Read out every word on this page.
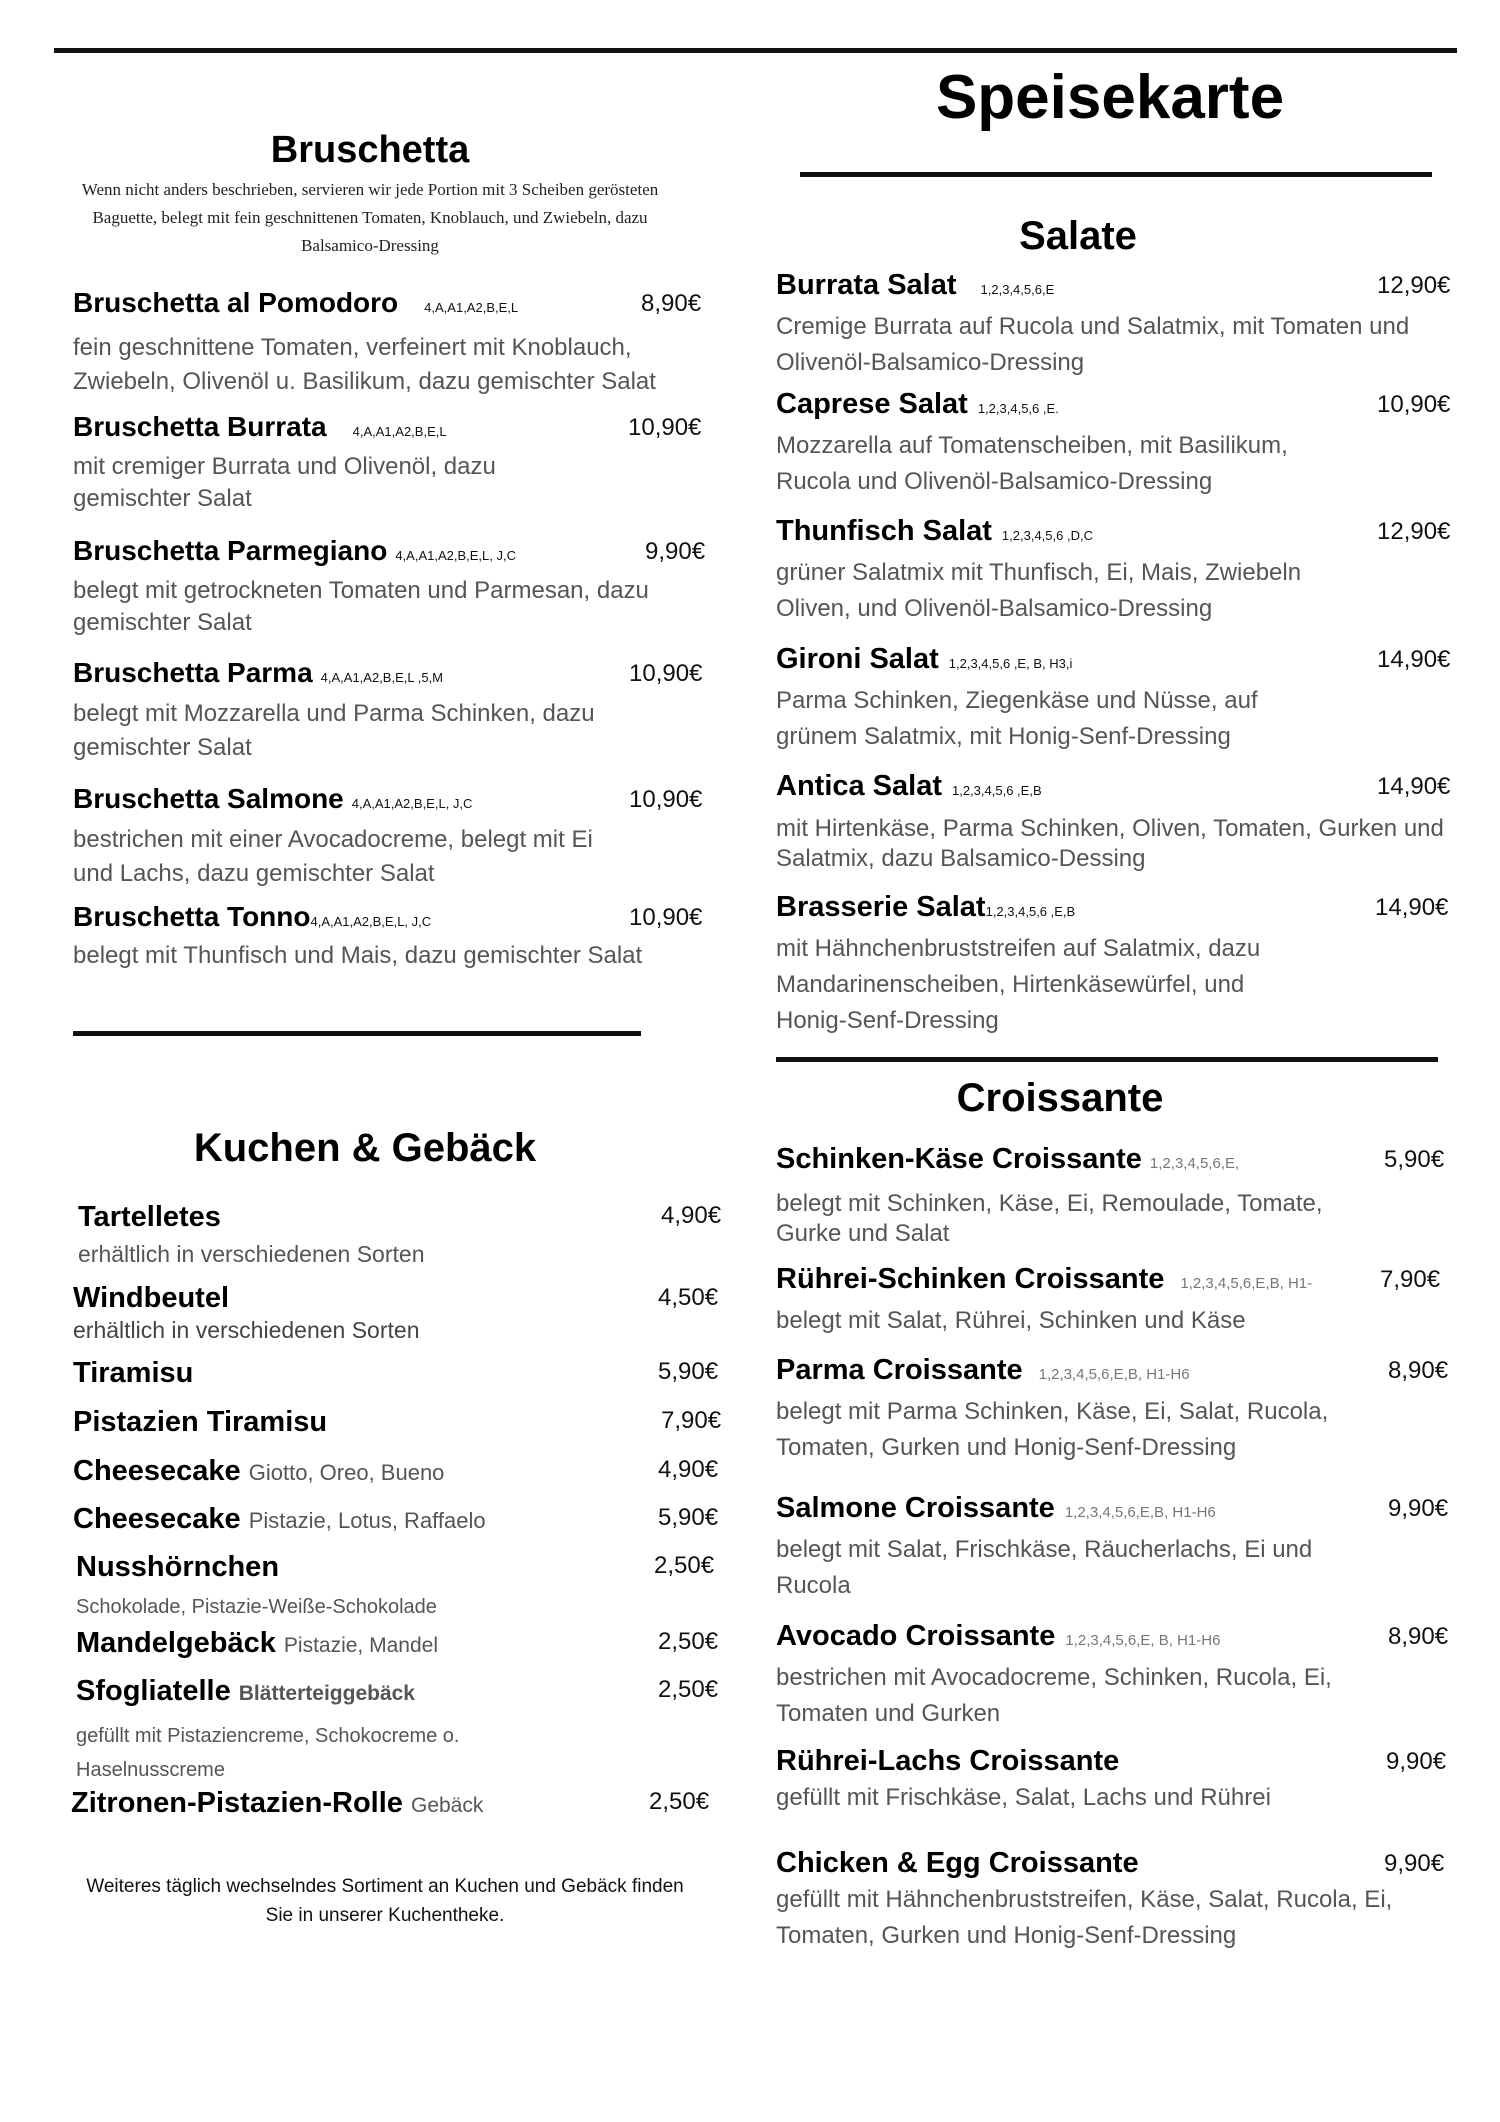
Speisekarte
Bruschetta
Wenn nicht anders beschrieben, servieren wir jede Portion mit 3 Scheiben gerösteten Baguette, belegt mit fein geschnittenen Tomaten, Knoblauch, und Zwiebeln, dazu Balsamico-Dressing
Bruschetta al Pomodoro 4,A,A1,A2,B,E,L	8,90€
fein geschnittene Tomaten, verfeinert mit Knoblauch, Zwiebeln, Olivenöl u. Basilikum, dazu gemischter Salat
Bruschetta Burrata 4,A,A1,A2,B,E,L	10,90€
mit cremiger Burrata und Olivenöl, dazu gemischter Salat
Bruschetta Parmegiano 4,A,A1,A2,B,E,L, J,C	9,90€
belegt mit getrockneten Tomaten und Parmesan, dazu gemischter Salat
Bruschetta Parma 4,A,A1,A2,B,E,L ,5,M	10,90€
belegt mit Mozzarella und Parma Schinken, dazu gemischter Salat
Bruschetta Salmone 4,A,A1,A2,B,E,L, J,C	10,90€
bestrichen mit einer Avocadocreme, belegt mit Ei und Lachs, dazu gemischter Salat
Bruschetta Tonno4,A,A1,A2,B,E,L, J,C	10,90€
belegt mit Thunfisch und Mais, dazu gemischter Salat
Kuchen & Gebäck
Tartelletes	4,90€
erhältlich in verschiedenen Sorten
Windbeutel	4,50€
erhältlich in verschiedenen Sorten
Tiramisu	5,90€
Pistazien Tiramisu	7,90€
Cheesecake Giotto, Oreo, Bueno	4,90€
Cheesecake Pistazie, Lotus, Raffaelo	5,90€
Nusshörnchen	2,50€
Schokolade, Pistazie-Weiße-Schokolade
Mandelgebäck Pistazie, Mandel	2,50€
Sfogliatelle Blätterteiggebäck	2,50€
gefüllt mit Pistaziencreme, Schokocreme o. Haselnusscreme
Zitronen-Pistazien-Rolle Gebäck	2,50€
Weiteres täglich wechselndes Sortiment an Kuchen und Gebäck finden Sie in unserer Kuchentheke.
Salate
Burrata Salat 1,2,3,4,5,6,E	12,90€
Cremige Burrata auf Rucola und Salatmix, mit Tomaten und Olivenöl-Balsamico-Dressing
Caprese Salat 1,2,3,4,5,6 ,E.	10,90€
Mozzarella auf Tomatenscheiben, mit Basilikum, Rucola und Olivenöl-Balsamico-Dressing
Thunfisch Salat 1,2,3,4,5,6 ,D,C	12,90€
grüner Salatmix mit Thunfisch, Ei, Mais, Zwiebeln Oliven, und Olivenöl-Balsamico-Dressing
Gironi Salat 1,2,3,4,5,6 ,E, B, H3,i	14,90€
Parma Schinken, Ziegenkäse und Nüsse, auf grünem Salatmix, mit Honig-Senf-Dressing
Antica Salat 1,2,3,4,5,6 ,E,B	14,90€
mit Hirtenkäse, Parma Schinken, Oliven, Tomaten, Gurken und Salatmix, dazu Balsamico-Dessing
Brasserie Salat1,2,3,4,5,6 ,E,B	14,90€
mit Hähnchenbruststreifen auf Salatmix, dazu Mandarinenscheiben, Hirtenkäsewürfel, und Honig-Senf-Dressing
Croissante
Schinken-Käse Croissante 1,2,3,4,5,6,E,	5,90€
belegt mit Schinken, Käse, Ei, Remoulade, Tomate, Gurke und Salat
Rührei-Schinken Croissante 1,2,3,4,5,6,E,B, H1-	7,90€
belegt mit Salat, Rührei, Schinken und Käse
Parma Croissante 1,2,3,4,5,6,E,B, H1-H6	8,90€
belegt mit Parma Schinken, Käse, Ei, Salat, Rucola, Tomaten, Gurken und Honig-Senf-Dressing
Salmone Croissante 1,2,3,4,5,6,E,B, H1-H6	9,90€
belegt mit Salat, Frischkäse, Räucherlachs, Ei und Rucola
Avocado Croissante 1,2,3,4,5,6,E, B, H1-H6	8,90€
bestrichen mit Avocadocreme, Schinken, Rucola, Ei, Tomaten und Gurken
Rührei-Lachs Croissante	9,90€
gefüllt mit Frischkäse, Salat, Lachs und Rührei
Chicken & Egg Croissante	9,90€
gefüllt mit Hähnchenbruststreifen, Käse, Salat, Rucola, Ei, Tomaten, Gurken und Honig-Senf-Dressing
